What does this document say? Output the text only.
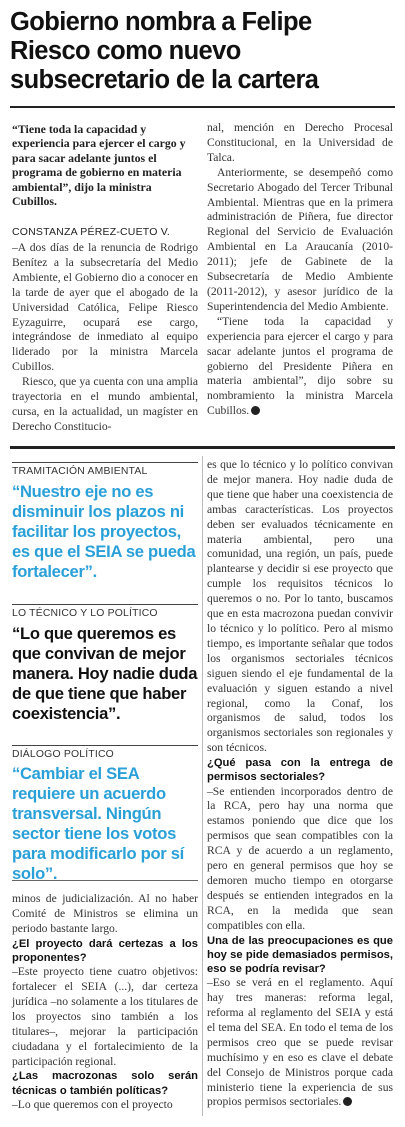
Gobierno nombra a Felipe Riesco como nuevo subsecretario de la cartera
“Tiene toda la capacidad y experiencia para ejercer el cargo y para sacar adelante juntos el programa de gobierno en materia ambiental”, dijo la ministra Cubillos.
CONSTANZA PÉREZ-CUETO V.

–A dos días de la renuncia de Rodrigo Benítez a la subsecretaría del Medio Ambiente, el Gobierno dio a conocer en la tarde de ayer que el abogado de la Universidad Católica, Felipe Riesco Eyzaguirre, ocupará ese cargo, integrándose de inmediato al equipo liderado por la ministra Marcela Cubillos.

Riesco, que ya cuenta con una amplia trayectoria en el mundo ambiental, cursa, en la actualidad, un magíster en Derecho Constitucio-

nal, mención en Derecho Procesal Constitucional, en la Universidad de Talca.

Anteriormente, se desempeñó como Secretario Abogado del Tercer Tribunal Ambiental. Mientras que en la primera administración de Piñera, fue director Regional del Servicio de Evaluación Ambiental en La Araucanía (2010-2011); jefe de Gabinete de la Subsecretaría de Medio Ambiente (2011-2012), y asesor jurídico de la Superintendencia del Medio Ambiente.

“Tiene toda la capacidad y experiencia para ejercer el cargo y para sacar adelante juntos el programa de gobierno del Presidente Piñera en materia ambiental”, dijo sobre su nombramiento la ministra Marcela Cubillos.

TRAMITACIÓN AMBIENTAL
“Nuestro eje no es disminuir los plazos ni facilitar los proyectos, es que el SEIA se pueda fortalecer”.
LO TÉCNICO Y LO POLÍTICO
“Lo que queremos es que convivan de mejor manera. Hoy nadie duda de que tiene que haber coexistencia”.
DIÁLOGO POLÍTICO
“Cambiar el SEA requiere un acuerdo transversal. Ningún sector tiene los votos para modificarlo por sí solo”.

minos de judicialización. Al no haber Comité de Ministros se elimina un periodo bastante largo.

¿El proyecto dará certezas a los proponentes?

–Este proyecto tiene cuatro objetivos: fortalecer el SEIA (...), dar certeza jurídica –no solamente a los titulares de los proyectos sino también a los titulares–, mejorar la participación ciudadana y el fortalecimiento de la participación regional.

¿Las macrozonas solo serán técnicas o también políticas?

–Lo que queremos con el proyecto

es que lo técnico y lo político convivan de mejor manera. Hoy nadie duda de que tiene que haber una coexistencia de ambas características. Los proyectos deben ser evaluados técnicamente en materia ambiental, pero una comunidad, una región, un país, puede plantearse y decidir si ese proyecto que cumple los requisitos técnicos lo queremos o no. Por lo tanto, buscamos que en esta macrozona puedan convivir lo técnico y lo político. Pero al mismo tiempo, es importante señalar que todos los organismos sectoriales técnicos siguen siendo el eje fundamental de la evaluación y siguen estando a nivel regional, como la Conaf, los organismos de salud, todos los organismos sectoriales son regionales y son técnicos.

¿Qué pasa con la entrega de permisos sectoriales?

–Se entienden incorporados dentro de la RCA, pero hay una norma que estamos poniendo que dice que los permisos que sean compatibles con la RCA y de acuerdo a un reglamento, pero en general permisos que hoy se demoren mucho tiempo en otorgarse después se entienden integrados en la RCA, en la medida que sean compatibles con ella.

Una de las preocupaciones es que hoy se pide demasiados permisos, eso se podría revisar?

–Eso se verá en el reglamento. Aquí hay tres maneras: reforma legal, reforma al reglamento del SEIA y está el tema del SEA. En todo el tema de los permisos creo que se puede revisar muchísimo y en eso es clave el debate del Consejo de Ministros porque cada ministerio tiene la experiencia de sus propios permisos sectoriales.
